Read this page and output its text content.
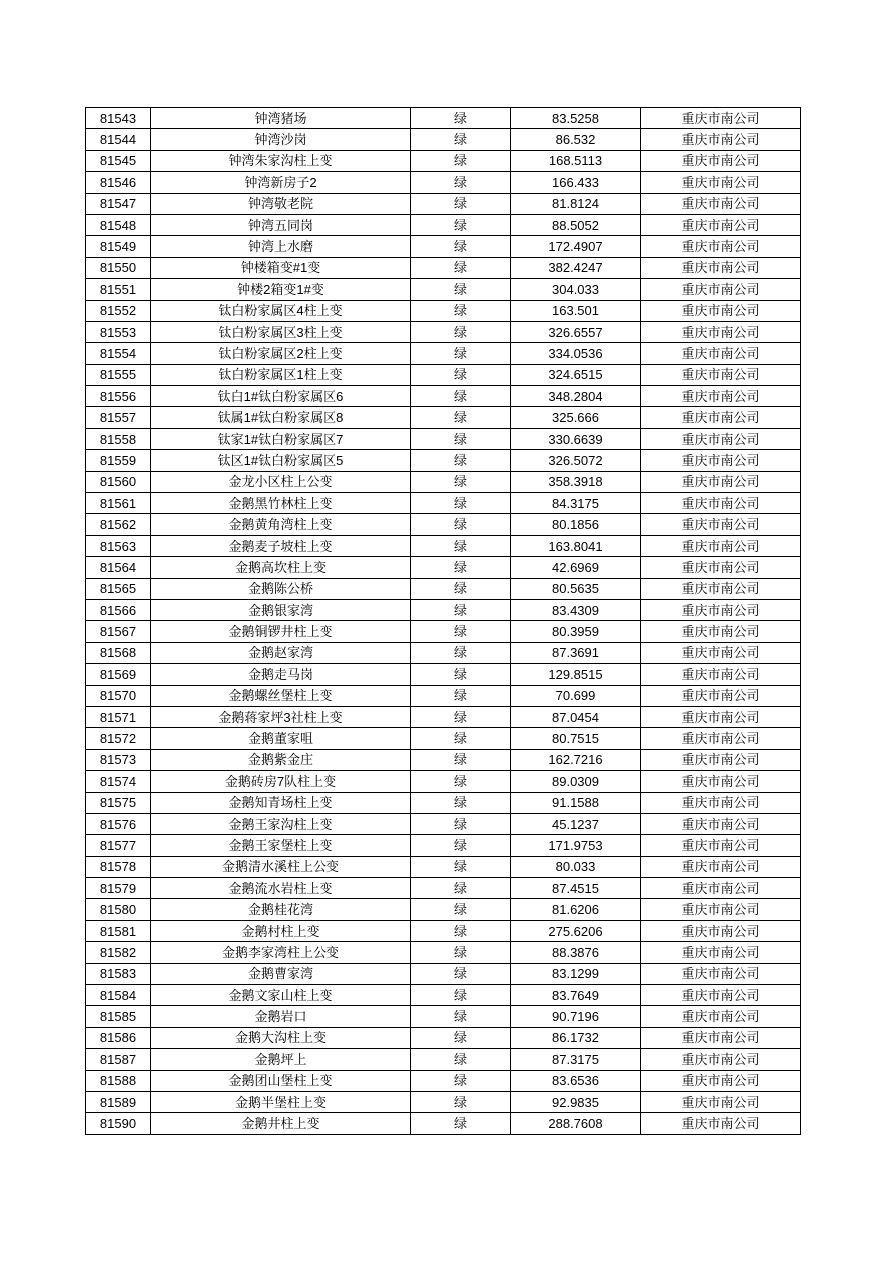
81543	钟湾猪场	绿	83.5258	重庆市南公司
81544	钟湾沙岗	绿	86.532	重庆市南公司
81545	钟湾朱家沟柱上变	绿	168.5113	重庆市南公司
81546	钟湾新房子2	绿	166.433	重庆市南公司
81547	钟湾敬老院	绿	81.8124	重庆市南公司
81548	钟湾五同岗	绿	88.5052	重庆市南公司
81549	钟湾上水磨	绿	172.4907	重庆市南公司
81550	钟楼箱变#1变	绿	382.4247	重庆市南公司
81551	钟楼2箱变1#变	绿	304.033	重庆市南公司
81552	钛白粉家属区4柱上变	绿	163.501	重庆市南公司
81553	钛白粉家属区3柱上变	绿	326.6557	重庆市南公司
81554	钛白粉家属区2柱上变	绿	334.0536	重庆市南公司
81555	钛白粉家属区1柱上变	绿	324.6515	重庆市南公司
81556	钛白1#钛白粉家属区6	绿	348.2804	重庆市南公司
81557	钛属1#钛白粉家属区8	绿	325.666	重庆市南公司
81558	钛家1#钛白粉家属区7	绿	330.6639	重庆市南公司
81559	钛区1#钛白粉家属区5	绿	326.5072	重庆市南公司
81560	金龙小区柱上公变	绿	358.3918	重庆市南公司
81561	金鹅黑竹林柱上变	绿	84.3175	重庆市南公司
81562	金鹅黄角湾柱上变	绿	80.1856	重庆市南公司
81563	金鹅麦子坡柱上变	绿	163.8041	重庆市南公司
81564	金鹅高坎柱上变	绿	42.6969	重庆市南公司
81565	金鹅陈公桥	绿	80.5635	重庆市南公司
81566	金鹅银家湾	绿	83.4309	重庆市南公司
81567	金鹅铜锣井柱上变	绿	80.3959	重庆市南公司
81568	金鹅赵家湾	绿	87.3691	重庆市南公司
81569	金鹅走马岗	绿	129.8515	重庆市南公司
81570	金鹅螺丝堡柱上变	绿	70.699	重庆市南公司
81571	金鹅蒋家坪3社柱上变	绿	87.0454	重庆市南公司
81572	金鹅董家咀	绿	80.7515	重庆市南公司
81573	金鹅紫金庄	绿	162.7216	重庆市南公司
81574	金鹅砖房7队柱上变	绿	89.0309	重庆市南公司
81575	金鹅知青场柱上变	绿	91.1588	重庆市南公司
81576	金鹅王家沟柱上变	绿	45.1237	重庆市南公司
81577	金鹅王家堡柱上变	绿	171.9753	重庆市南公司
81578	金鹅清水溪柱上公变	绿	80.033	重庆市南公司
81579	金鹅流水岩柱上变	绿	87.4515	重庆市南公司
81580	金鹅桂花湾	绿	81.6206	重庆市南公司
81581	金鹅村柱上变	绿	275.6206	重庆市南公司
81582	金鹅李家湾柱上公变	绿	88.3876	重庆市南公司
81583	金鹅曹家湾	绿	83.1299	重庆市南公司
81584	金鹅文家山柱上变	绿	83.7649	重庆市南公司
81585	金鹅岩口	绿	90.7196	重庆市南公司
81586	金鹅大沟柱上变	绿	86.1732	重庆市南公司
81587	金鹅坪上	绿	87.3175	重庆市南公司
81588	金鹅团山堡柱上变	绿	83.6536	重庆市南公司
81589	金鹅半堡柱上变	绿	92.9835	重庆市南公司
81590	金鹅井柱上变	绿	288.7608	重庆市南公司
